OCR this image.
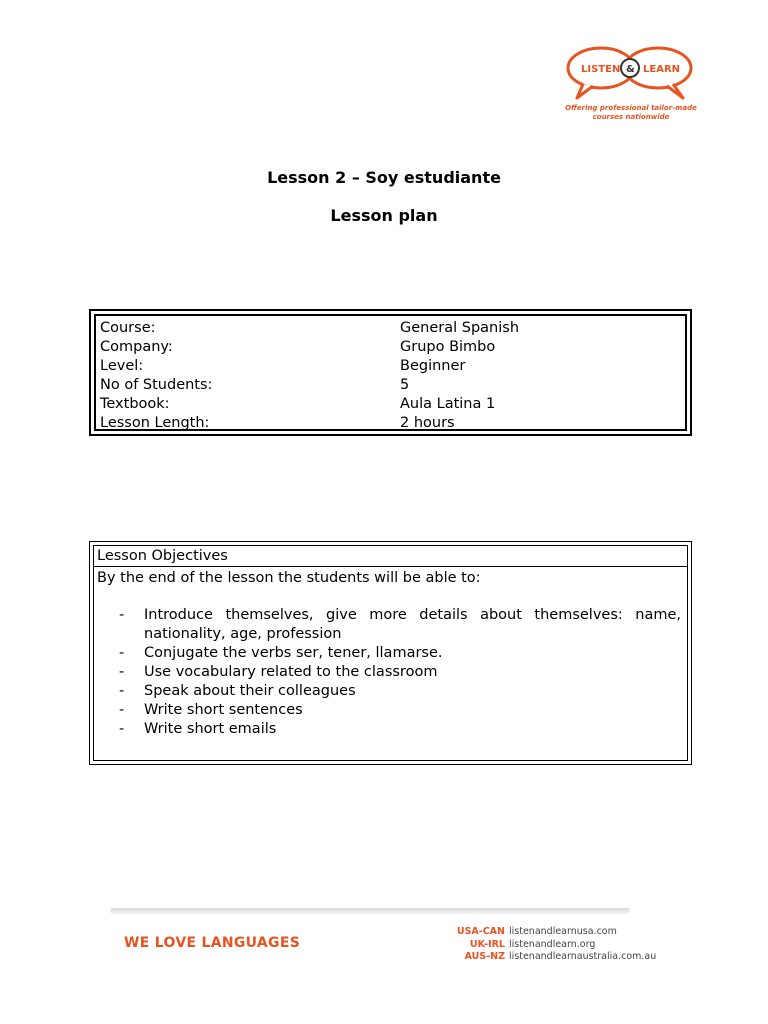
LISTEN & LEARN
Offering professional tailor-made
courses nationwide
Lesson 2 – Soy estudiante
Lesson plan
Course:	General Spanish
Company:	Grupo Bimbo
Level:	Beginner
No of Students:	5
Textbook:	Aula Latina 1
Lesson Length:	2 hours
Lesson Objectives
By the end of the lesson the students will be able to:
- Introduce themselves, give more details about themselves: name, nationality, age, profession
- Conjugate the verbs ser, tener, llamarse.
- Use vocabulary related to the classroom
- Speak about their colleagues
- Write short sentences
- Write short emails
WE LOVE LANGUAGES
USA-CAN listenandlearnusa.com
UK-IRL listenandlearn.org
AUS-NZ listenandlearnaustralia.com.au
